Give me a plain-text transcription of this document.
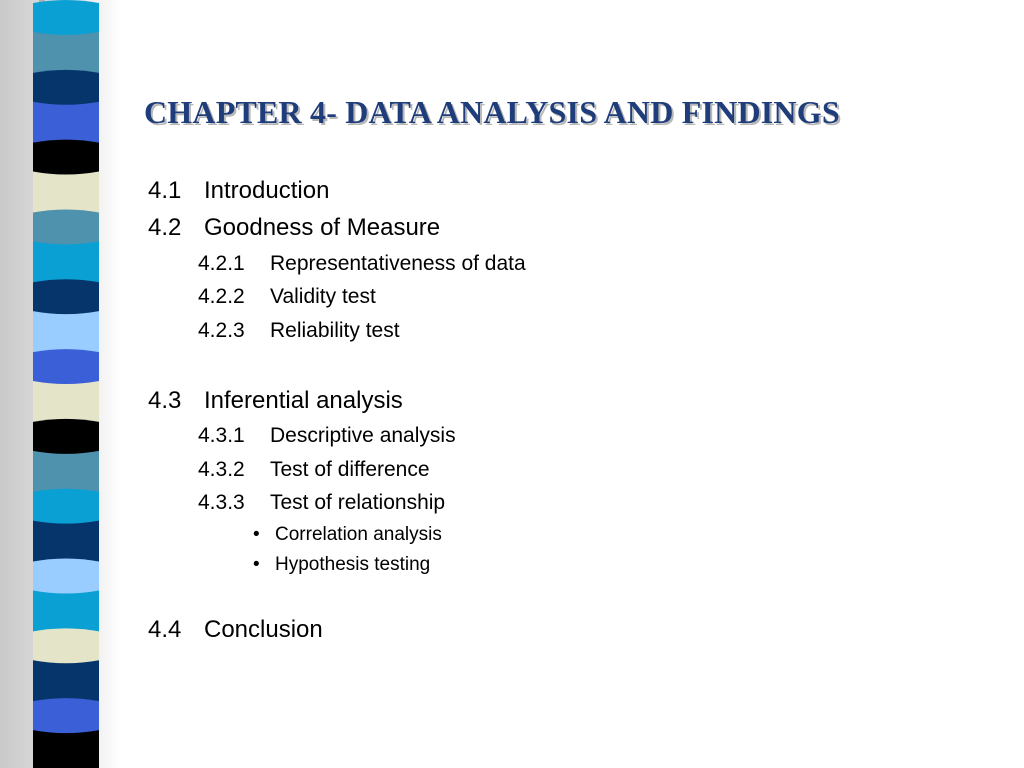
CHAPTER 4- DATA ANALYSIS AND FINDINGS
4.1 Introduction
4.2 Goodness of Measure
4.2.1 Representativeness of data
4.2.2 Validity test
4.2.3 Reliability test
4.3 Inferential analysis
4.3.1 Descriptive analysis
4.3.2 Test of difference
4.3.3 Test of relationship
• Correlation analysis
• Hypothesis testing
4.4 Conclusion
